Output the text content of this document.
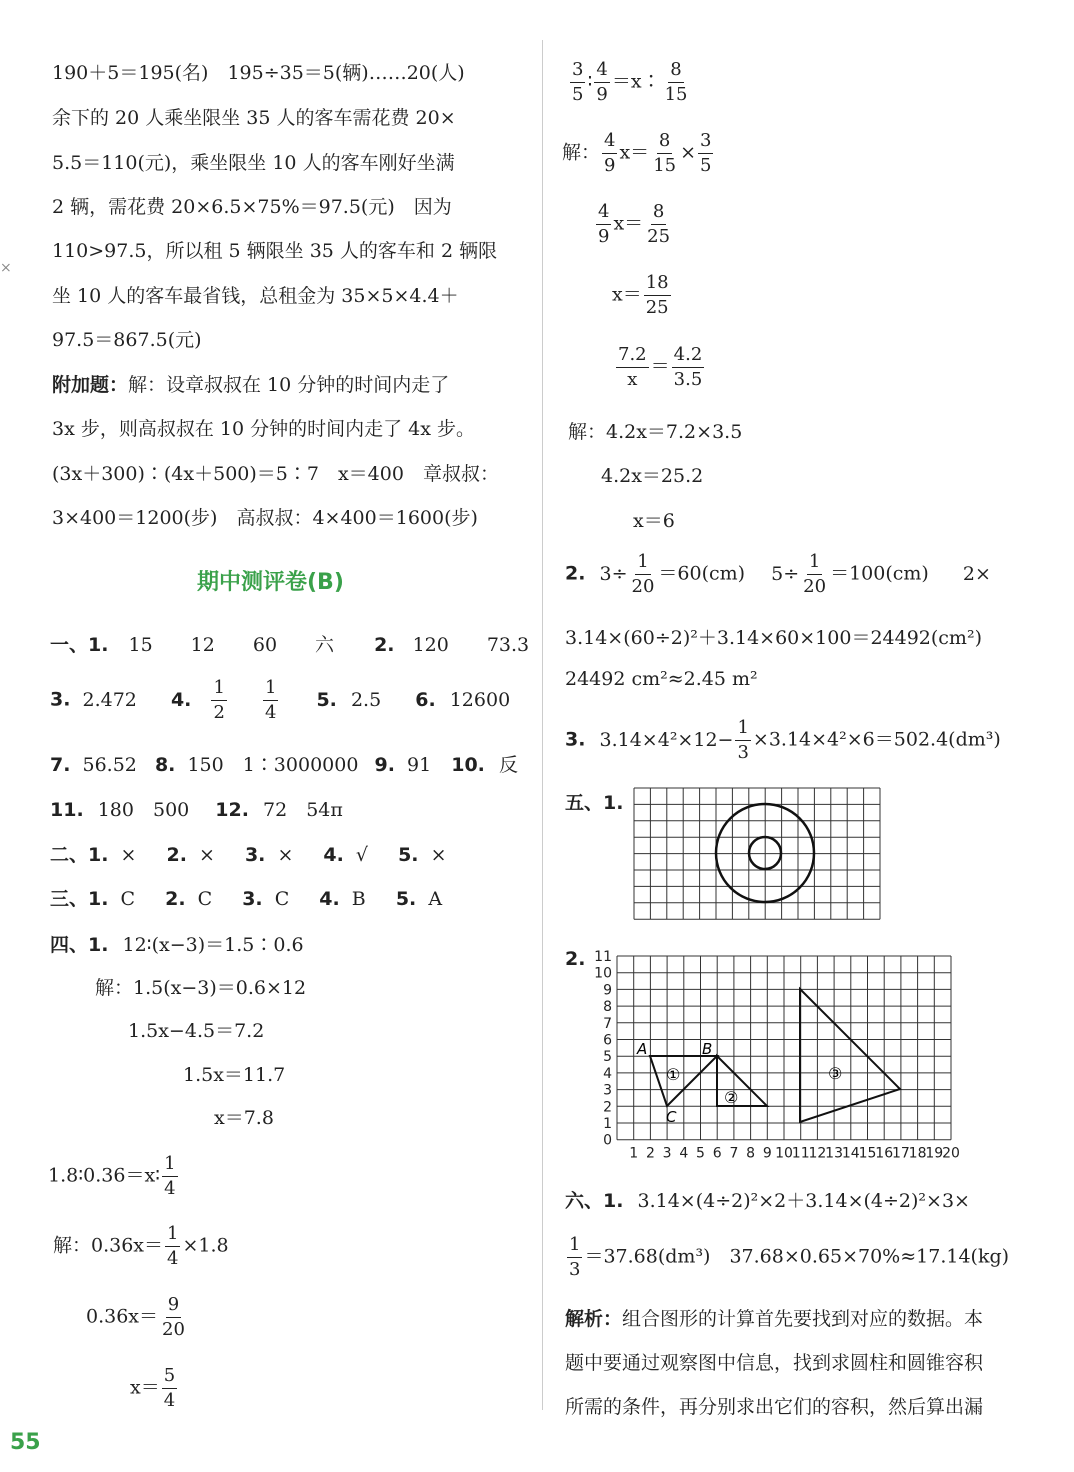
×
190＋5＝195(名)　195÷35＝5(辆)……20(人)
余下的 20 人乘坐限坐 35 人的客车需花费 20×
5.5＝110(元)，乘坐限坐 10 人的客车刚好坐满
2 辆，需花费 20×6.5×75%＝97.5(元)　因为
110>97.5，所以租 5 辆限坐 35 人的客车和 2 辆限
坐 10 人的客车最省钱，总租金为 35×5×4.4＋
97.5＝867.5(元)
附加题：解：设章叔叔在 10 分钟的时间内走了
3x 步，则高叔叔在 10 分钟的时间内走了 4x 步。
(3x＋300)∶(4x＋500)＝5∶7　x＝400　章叔叔：
3×400＝1200(步)　高叔叔：4×400＝1600(步)
期中测评卷(B)
一、1. 15　　12　　60　　六 2. 120　　73.3
3. 2.472 4. $\frac{1}{2}$
$\frac{1}{4} 5$. 2.5 6. 12600
7. 56.52 8. 150　1∶3000000 9. 91 10. 反
11. 180　500 12. 72　54π
二、1. × 2. × 3. × 4. √ 5. ×
三、1. C 2. C 3. C 4. B 5. A
四、1. 12∶(x−3)＝1.5∶0.6
解：1.5(x−3)＝0.6×12
1.5x−4.5＝7.2
1.5x＝11.7
x＝7.8
1.8∶0.36＝x∶ $\frac{1}{4}$
解：$0.36x= \frac{1}{4} \times 1.8$
$0.36x= \frac{9}{20}$
$x= \frac{5}{4}$
$\frac{3}{5}$ ∶ $\frac{4}{9}$ ＝x∶ $\frac{8}{15}$
解： $\frac{4}{9} x= \frac{8}{15} \times \frac{3}{5}$
$\frac{4}{9} x= \frac{8}{25}$
$x= \frac{18}{25}$
$\frac{7.2}{x} = \frac{4.2}{3.5}$
解：4.2x＝7.2×3.5
4.2x＝25.2
x＝6
2. $3\div \frac{1}{20} =60(cm)$ $5\div \frac{1}{20} =100(cm)$ 2×
3.14×(60÷2)²＋3.14×60×100＝24492(cm²)
24492 cm²≈2.45 m²
3. $3.14\times 4^2\times 12- \frac{1}{3} \times 3.14\times 4^2\times 6=502.4(dm^3)$
五、1.
2.
0
1
2
3
4
5
6
7
8
9
10
11
1 2 3 4 5 6 7 8 9 10
11
12
13
14
15
16
17
18
19
20
A	B
C
①
②
③
六、1. 3.14×(4÷2)²×2＋3.14×(4÷2)²×3×
$\frac{1}{3} =37.68(dm^3)$　37.68×0.65×70%≈17.14(kg)
解析：组合图形的计算首先要找到对应的数据。本
题中要通过观察图中信息，找到求圆柱和圆锥容积
所需的条件，再分别求出它们的容积，然后算出漏
55
